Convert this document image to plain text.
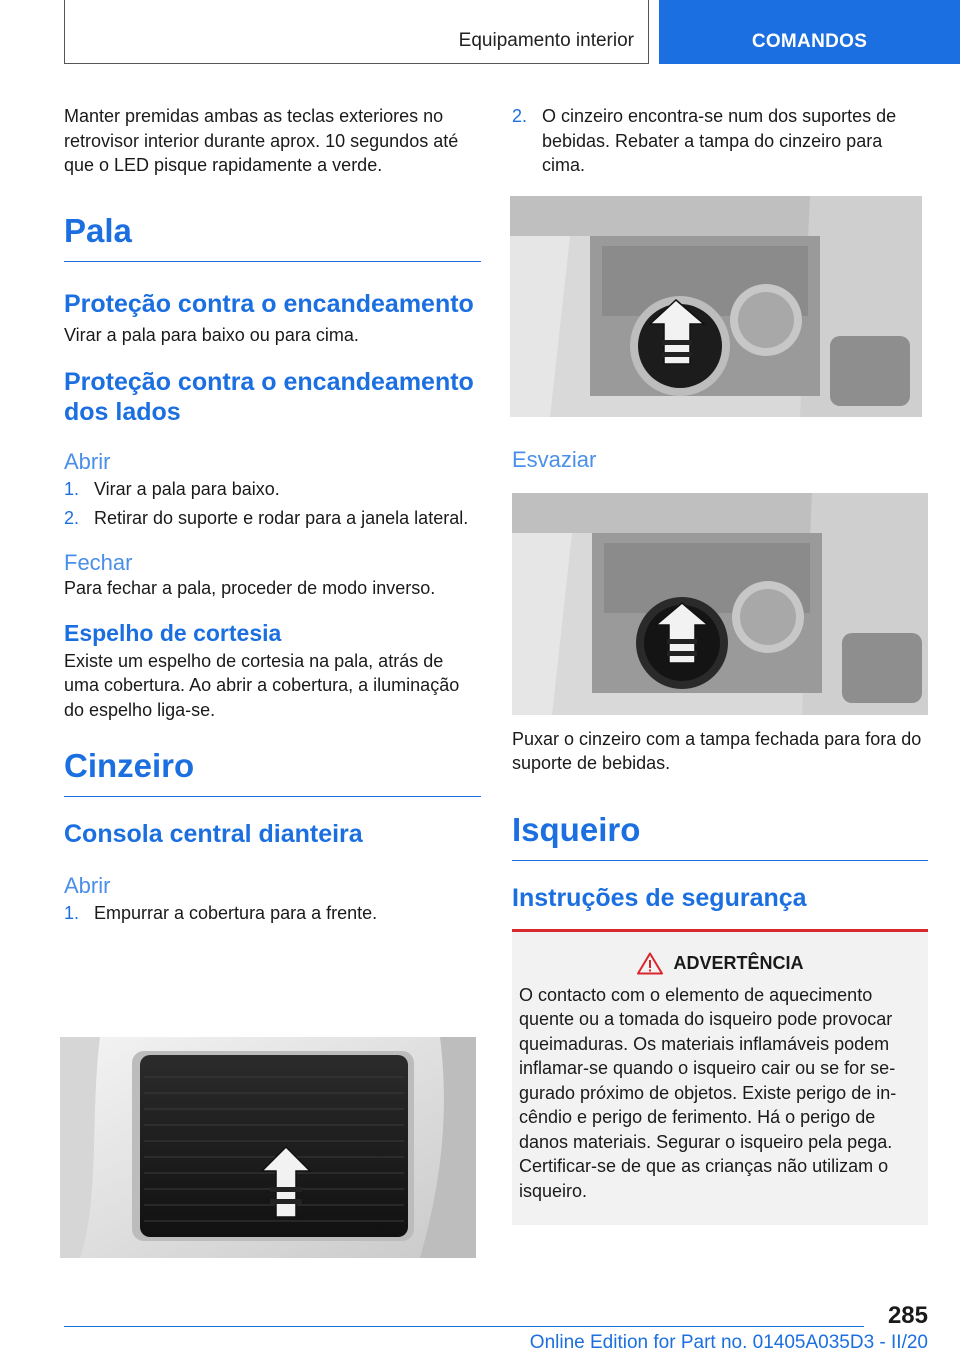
Equipamento interior	COMANDOS

Manter premidas ambas as teclas exteriores no retrovisor interior durante aprox. 10 segundos até que o LED pisque rapidamente a verde.

Pala
Proteção contra o encandeamento

Virar a pala para baixo ou para cima.

Proteção contra o encandeamento dos lados
Abrir
1. Virar a pala para baixo.
2. Retirar do suporte e rodar para a janela lateral.
Fechar

Para fechar a pala, proceder de modo inverso.

Espelho de cortesia

Existe um espelho de cortesia na pala, atrás de uma cobertura. Ao abrir a cobertura, a iluminação do espelho liga-se.

Cinzeiro
Consola central dianteira
Abrir
1. Empurrar a cobertura para a frente.
2. O cinzeiro encontra-se num dos suportes de bebidas. Rebater a tampa do cinzeiro para cima.
Esvaziar

Puxar o cinzeiro com a tampa fechada para fora do suporte de bebidas.

Isqueiro
Instruções de segurança
ADVERTÊNCIA

O contacto com o elemento de aquecimento quente ou a tomada do isqueiro pode provocar queimaduras. Os materiais inflamáveis podem inflamar-se quando o isqueiro cair ou se for se-gurado próximo de objetos. Existe perigo de in-cêndio e perigo de ferimento. Há o perigo de danos materiais. Segurar o isqueiro pela pega. Certificar-se de que as crianças não utilizam o isqueiro.

285
Online Edition for Part no. 01405A035D3 - II/20
